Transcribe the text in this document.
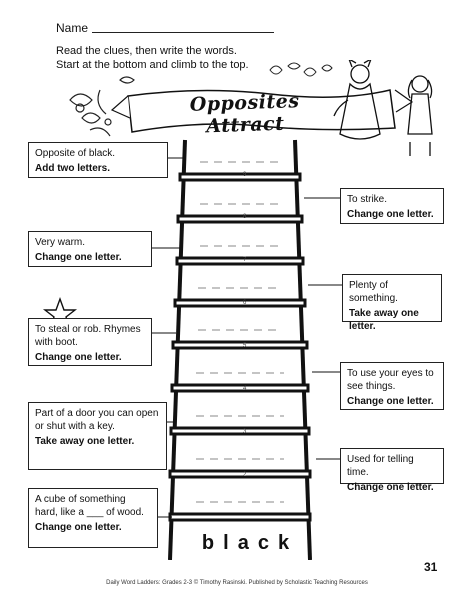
Name
Read the clues, then write the words.
Start at the bottom and climb to the top.
Opposites Attract
9
8
7
6
5
4
3
2
Opposite of black.
Add two letters.
Very warm.
Change one letter.
To steal or rob. Rhymes with boot.
Change one letter.
Part of a door you can open or shut with a key.
Take away one letter.
A cube of something hard, like a ___ of wood.
Change one letter.
To strike.
Change one letter.
Plenty of something.
Take away one letter.
To use your eyes to see things.
Change one letter.
Used for telling time.
Change one letter.
black
31
Daily Word Ladders: Grades 2-3 © Timothy Rasinski. Published by Scholastic Teaching Resources
